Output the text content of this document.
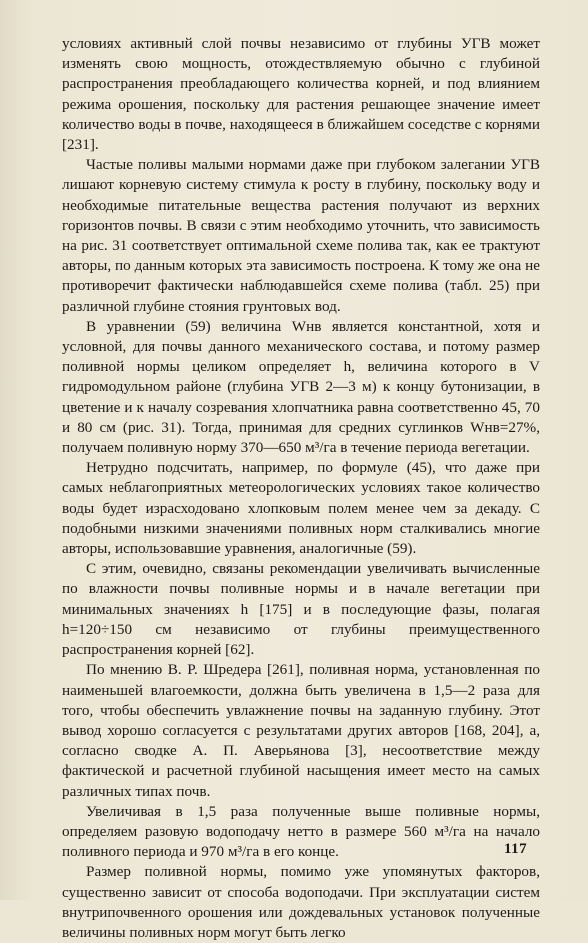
условиях активный слой почвы независимо от глубины УГВ может изменять свою мощность, отождествляемую обычно с глубиной распространения преобладающего количества корней, и под влиянием режима орошения, поскольку для растения решающее значение имеет количество воды в почве, находящееся в ближайшем соседстве с корнями [231].

Частые поливы малыми нормами даже при глубоком залегании УГВ лишают корневую систему стимула к росту в глубину, поскольку воду и необходимые питательные вещества растения получают из верхних горизонтов почвы. В связи с этим необходимо уточнить, что зависимость на рис. 31 соответствует оптимальной схеме полива так, как ее трактуют авторы, по данным которых эта зависимость построена. К тому же она не противоречит фактически наблюдавшейся схеме полива (табл. 25) при различной глубине стояния грунтовых вод.

В уравнении (59) величина Wнв является константной, хотя и условной, для почвы данного механического состава, и потому размер поливной нормы целиком определяет h, величина которого в V гидромодульном районе (глубина УГВ 2—3 м) к концу бутонизации, в цветение и к началу созревания хлопчатника равна соответственно 45, 70 и 80 см (рис. 31). Тогда, принимая для средних суглинков Wнв=27%, получаем поливную норму 370—650 м³/га в течение периода вегетации.

Нетрудно подсчитать, например, по формуле (45), что даже при самых неблагоприятных метеорологических условиях такое количество воды будет израсходовано хлопковым полем менее чем за декаду. С подобными низкими значениями поливных норм сталкивались многие авторы, использовавшие уравнения, аналогичные (59).

С этим, очевидно, связаны рекомендации увеличивать вычисленные по влажности почвы поливные нормы и в начале вегетации при минимальных значениях h [175] и в последующие фазы, полагая h=120÷150 см независимо от глубины преимущественного распространения корней [62].

По мнению В. Р. Шредера [261], поливная норма, установленная по наименьшей влагоемкости, должна быть увеличена в 1,5—2 раза для того, чтобы обеспечить увлажнение почвы на заданную глубину. Этот вывод хорошо согласуется с результатами других авторов [168, 204], а, согласно сводке А. П. Аверьянова [3], несоответствие между фактической и расчетной глубиной насыщения имеет место на самых различных типах почв.

Увеличивая в 1,5 раза полученные выше поливные нормы, определяем разовую водоподачу нетто в размере 560 м³/га на начало поливного периода и 970 м³/га в его конце.

Размер поливной нормы, помимо уже упомянутых факторов, существенно зависит от способа водоподачи. При эксплуатации систем внутрипочвенного орошения или дождевальных установок полученные величины поливных норм могут быть легко

117
